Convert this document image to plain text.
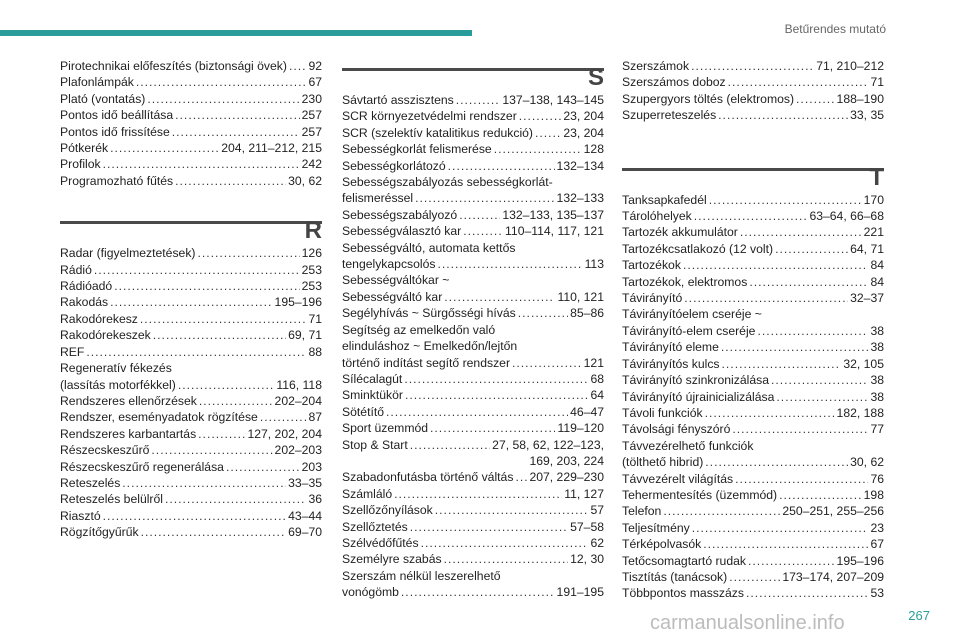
Betűrendes mutató
Pirotechnikai előfeszítés (biztonsági övek) ..... 92
Plafonlámpák .....	67
Plató (vontatás) .....	230
Pontos idő beállítása .....	257
Pontos idő frissítése .....	257
Pótkerék .....	204, 211–212, 215
Profilok .....	242
Programozható fűtés .....	30, 62
R
Radar (figyelmeztetések) .....	126
Rádió .....	253
Rádióadó .....	253
Rakodás .....	195–196
Rakodórekesz .....	71
Rakodórekeszek .....	69, 71
REF .....	88
Regeneratív fékezés
(lassítás motorfékkel) .....	116, 118
Rendszeres ellenőrzések .....	202–204
Rendszer, eseményadatok rögzítése .....	87
Rendszeres karbantartás .....	127, 202, 204
Részecskeszűrő .....	202–203
Részecskeszűrő regenerálása .....	203
Reteszelés .....	33–35
Reteszelés belülről .....	36
Riasztó .....	43–44
Rögzítőgyűrűk .....	69–70
S
Sávtartó asszisztens .....	137–138, 143–145
SCR környezetvédelmi rendszer .....	23, 204
SCR (szelektív katalitikus redukció) ..... 23, 204
Sebességkorlát felismerése .....	128
Sebességkorlátozó .....	132–134
Sebességszabályozás sebességkorlát-
felismeréssel .....	132–133
Sebességszabályozó .....	132–133, 135–137
Sebességválasztó kar .....	110–114, 117, 121
Sebességváltó, automata kettős
tengelykapcsolós .....	113
Sebességváltókar ~
Sebességváltó kar .....	110, 121
Segélyhívás ~ Sürgősségi hívás .....	85–86
Segítség az emelkedőn való
elinduláshoz ~ Emelkedőn/lejtőn
történő indítást segítő rendszer .....	121
Sílécalagút .....	68
Sminktükör .....	64
Sötétítő .....	46–47
Sport üzemmód .....	119–120
Stop & Start .....	27, 58, 62, 122–123,
169, 203, 224
Szabadonfutásba történő váltás ..... 207, 229–230
Számláló .....	11, 127
Szellőzőnyílások .....	57
Szellőztetés .....	57–58
Szélvédőfűtés .....	62
Személyre szabás .....	12, 30
Szerszám nélkül leszerelhető
vonógömb .....	191–195
Szerszámok .....	71, 210–212
Szerszámos doboz .....	71
Szupergyors töltés (elektromos) .....	188–190
Szuperreteszelés .....	33, 35
T
Tanksapkafedél .....	170
Tárolóhelyek .....	63–64, 66–68
Tartozék akkumulátor .....	221
Tartozékcsatlakozó (12 volt) .....	64, 71
Tartozékok .....	84
Tartozékok, elektromos .....	84
Távirányító .....	32–37
Távirányítóelem cseréje ~
Távirányító-elem cseréje .....	38
Távirányító eleme .....	38
Távirányítós kulcs .....	32, 105
Távirányító szinkronizálása .....	38
Távirányító újrainicializálása .....	38
Távoli funkciók .....	182, 188
Távolsági fényszóró .....	77
Távvezérelhető funkciók
(tölthető hibrid) .....	30, 62
Távvezérelt világítás .....	76
Tehermentesítés (üzemmód) .....	198
Telefon .....	250–251, 255–256
Teljesítmény .....	23
Térképolvasók .....	67
Tetőcsomagtartó rudak .....	195–196
Tisztítás (tanácsok) .....	173–174, 207–209
Többpontos masszázs .....	53
267
carmanualsonline.info
